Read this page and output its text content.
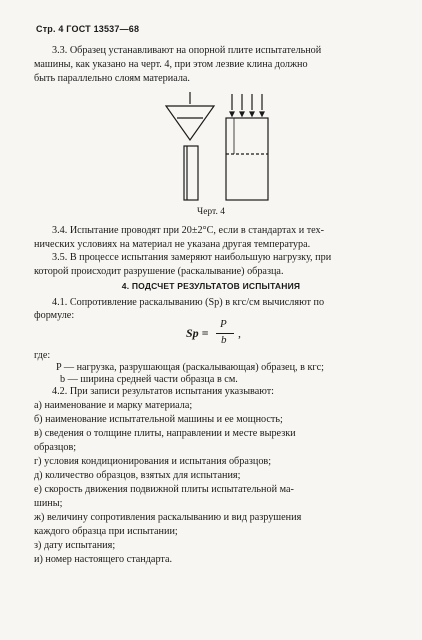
Стр. 4 ГОСТ 13537—68

3.3. Образец устанавливают на опорной плите испытательной

машины, как указано на черт. 4, при этом лезвие клина должно

быть параллельно слоям материала.

Черт. 4

3.4. Испытание проводят при 20±2°С, если в стандартах и тех-

нических условиях на материал не указана другая температура.

3.5. В процессе испытания замеряют наибольшую нагрузку, при

которой происходит разрушение (раскалывание) образца.

4. ПОДСЧЕТ РЕЗУЛЬТАТОВ ИСПЫТАНИЯ

4.1. Сопротивление раскалыванию (Sр) в кгс/см вычисляют по

формуле:

Sр =
P
b ,

где:

P — нагрузка, разрушающая (раскалывающая) образец, в кгс;

b — ширина средней части образца в см.

4.2. При записи результатов испытания указывают:

а) наименование и марку материала;

б) наименование испытательной машины и ее мощность;

в) сведения о толщине плиты, направлении и месте вырезки

образцов;

г) условия кондиционирования и испытания образцов;

д) количество образцов, взятых для испытания;

е) скорость движения подвижной плиты испытательной ма-

шины;

ж) величину сопротивления раскалыванию и вид разрушения

каждого образца при испытании;

з) дату испытания;

и) номер настоящего стандарта.
